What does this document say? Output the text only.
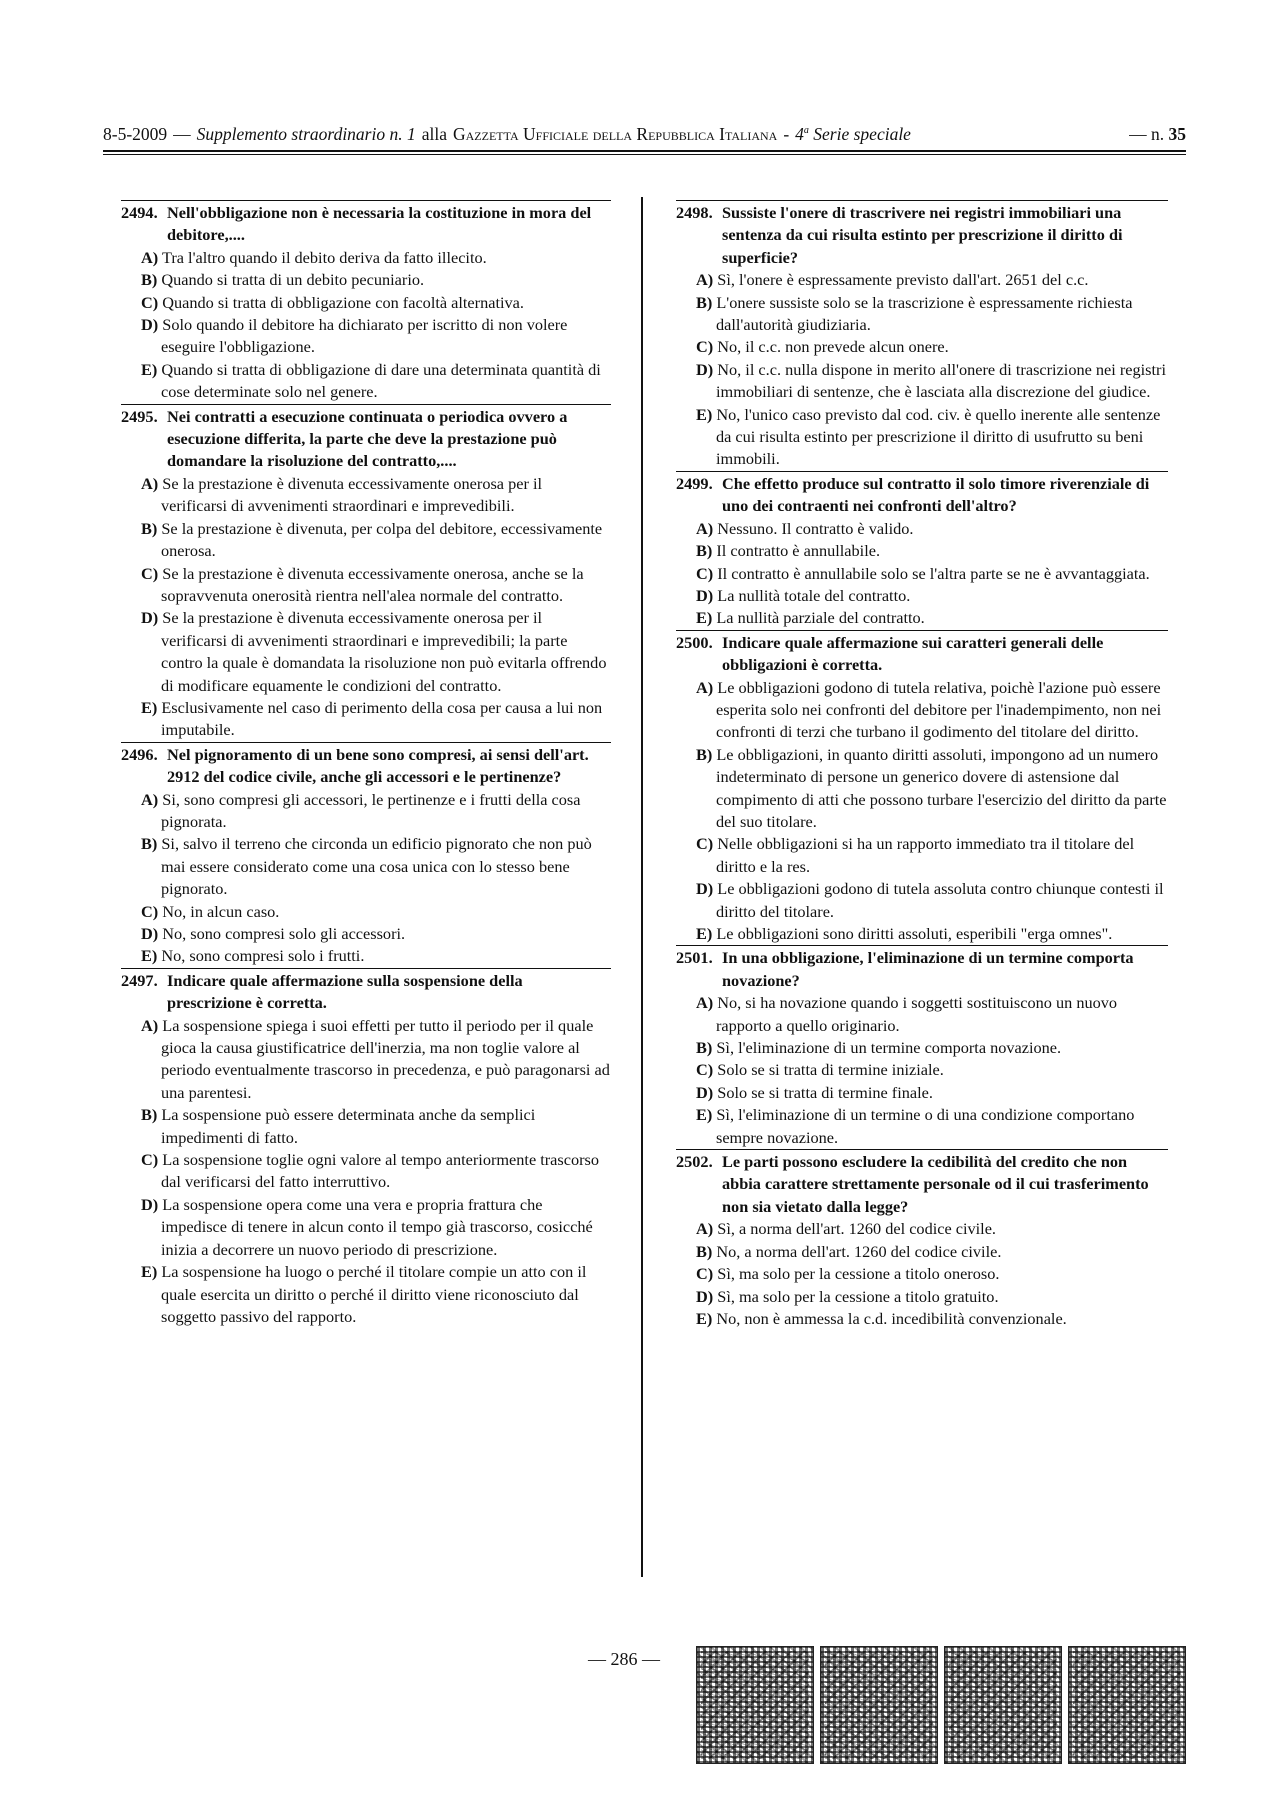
8-5-2009 — Supplemento straordinario n. 1 alla Gazzetta Ufficiale della Repubblica Italiana - 4$^a$ Serie speciale	— n. 35
2494. Nell'obbligazione non è necessaria la costituzione in mora del debitore,....
A) Tra l'altro quando il debito deriva da fatto illecito.
B) Quando si tratta di un debito pecuniario.
C) Quando si tratta di obbligazione con facoltà alternativa.
D) Solo quando il debitore ha dichiarato per iscritto di non volere eseguire l'obbligazione.
E) Quando si tratta di obbligazione di dare una determinata quantità di cose determinate solo nel genere.
2495. Nei contratti a esecuzione continuata o periodica ovvero a esecuzione differita, la parte che deve la prestazione può domandare la risoluzione del contratto,....
A) Se la prestazione è divenuta eccessivamente onerosa per il verificarsi di avvenimenti straordinari e imprevedibili.
B) Se la prestazione è divenuta, per colpa del debitore, eccessivamente onerosa.
C) Se la prestazione è divenuta eccessivamente onerosa, anche se la sopravvenuta onerosità rientra nell'alea normale del contratto.
D) Se la prestazione è divenuta eccessivamente onerosa per il verificarsi di avvenimenti straordinari e imprevedibili; la parte contro la quale è domandata la risoluzione non può evitarla offrendo di modificare equamente le condizioni del contratto.
E) Esclusivamente nel caso di perimento della cosa per causa a lui non imputabile.
2496. Nel pignoramento di un bene sono compresi, ai sensi dell'art. 2912 del codice civile, anche gli accessori e le pertinenze?
A) Si, sono compresi gli accessori, le pertinenze e i frutti della cosa pignorata.
B) Si, salvo il terreno che circonda un edificio pignorato che non può mai essere considerato come una cosa unica con lo stesso bene pignorato.
C) No, in alcun caso.
D) No, sono compresi solo gli accessori.
E) No, sono compresi solo i frutti.
2497. Indicare quale affermazione sulla sospensione della prescrizione è corretta.
A) La sospensione spiega i suoi effetti per tutto il periodo per il quale gioca la causa giustificatrice dell'inerzia, ma non toglie valore al periodo eventualmente trascorso in precedenza, e può paragonarsi ad una parentesi.
B) La sospensione può essere determinata anche da semplici impedimenti di fatto.
C) La sospensione toglie ogni valore al tempo anteriormente trascorso dal verificarsi del fatto interruttivo.
D) La sospensione opera come una vera e propria frattura che impedisce di tenere in alcun conto il tempo già trascorso, cosicché inizia a decorrere un nuovo periodo di prescrizione.
E) La sospensione ha luogo o perché il titolare compie un atto con il quale esercita un diritto o perché il diritto viene riconosciuto dal soggetto passivo del rapporto.
2498. Sussiste l'onere di trascrivere nei registri immobiliari una sentenza da cui risulta estinto per prescrizione il diritto di superficie?
A) Sì, l'onere è espressamente previsto dall'art. 2651 del c.c.
B) L'onere sussiste solo se la trascrizione è espressamente richiesta dall'autorità giudiziaria.
C) No, il c.c. non prevede alcun onere.
D) No, il c.c. nulla dispone in merito all'onere di trascrizione nei registri immobiliari di sentenze, che è lasciata alla discrezione del giudice.
E) No, l'unico caso previsto dal cod. civ. è quello inerente alle sentenze da cui risulta estinto per prescrizione il diritto di usufrutto su beni immobili.
2499. Che effetto produce sul contratto il solo timore riverenziale di uno dei contraenti nei confronti dell'altro?
A) Nessuno. Il contratto è valido.
B) Il contratto è annullabile.
C) Il contratto è annullabile solo se l'altra parte se ne è avvantaggiata.
D) La nullità totale del contratto.
E) La nullità parziale del contratto.
2500. Indicare quale affermazione sui caratteri generali delle obbligazioni è corretta.
A) Le obbligazioni godono di tutela relativa, poichè l'azione può essere esperita solo nei confronti del debitore per l'inadempimento, non nei confronti di terzi che turbano il godimento del titolare del diritto.
B) Le obbligazioni, in quanto diritti assoluti, impongono ad un numero indeterminato di persone un generico dovere di astensione dal compimento di atti che possono turbare l'esercizio del diritto da parte del suo titolare.
C) Nelle obbligazioni si ha un rapporto immediato tra il titolare del diritto e la res.
D) Le obbligazioni godono di tutela assoluta contro chiunque contesti il diritto del titolare.
E) Le obbligazioni sono diritti assoluti, esperibili "erga omnes".
2501. In una obbligazione, l'eliminazione di un termine comporta novazione?
A) No, si ha novazione quando i soggetti sostituiscono un nuovo rapporto a quello originario.
B) Sì, l'eliminazione di un termine comporta novazione.
C) Solo se si tratta di termine iniziale.
D) Solo se si tratta di termine finale.
E) Sì, l'eliminazione di un termine o di una condizione comportano sempre novazione.
2502. Le parti possono escludere la cedibilità del credito che non abbia carattere strettamente personale od il cui trasferimento non sia vietato dalla legge?
A) Sì, a norma dell'art. 1260 del codice civile.
B) No, a norma dell'art. 1260 del codice civile.
C) Sì, ma solo per la cessione a titolo oneroso.
D) Sì, ma solo per la cessione a titolo gratuito.
E) No, non è ammessa la c.d. incedibilità convenzionale.
— 286 —
